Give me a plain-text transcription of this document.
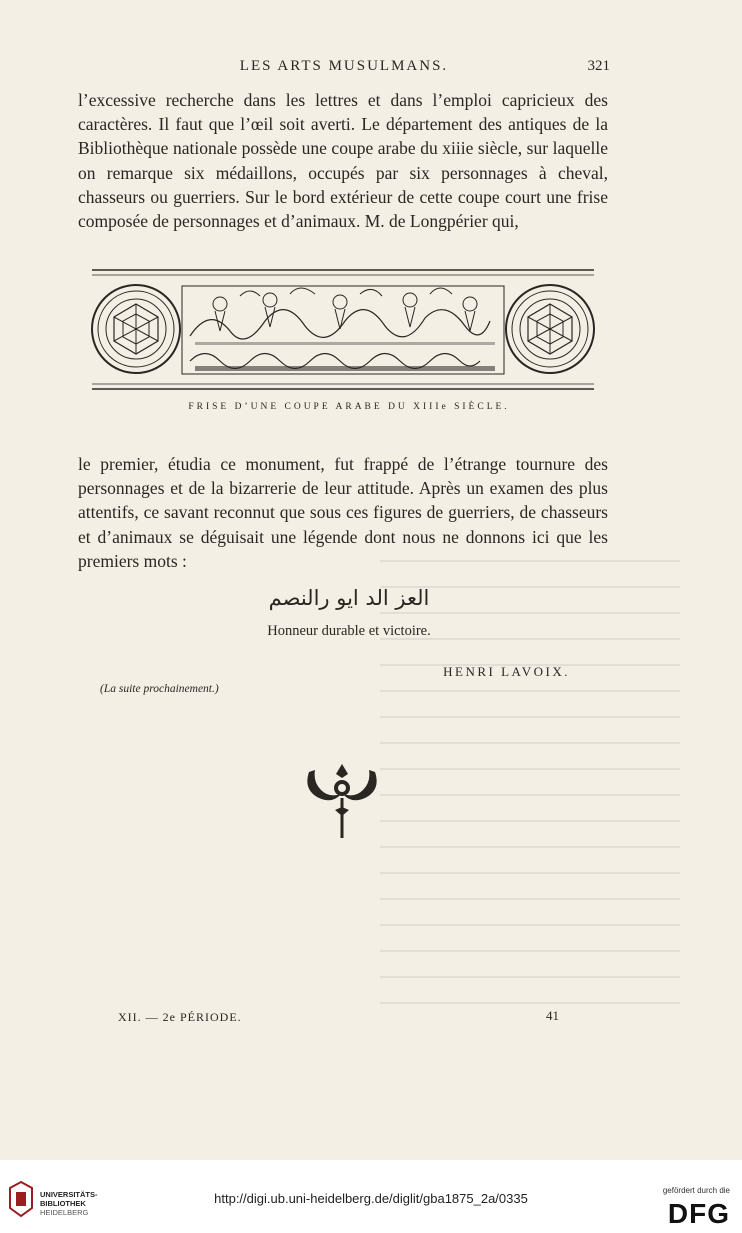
LES ARTS MUSULMANS.	321

l’excessive recherche dans les lettres et dans l’emploi capricieux des caractères. Il faut que l’œil soit averti. Le département des antiques de la Bibliothèque nationale possède une coupe arabe du xiiie siècle, sur laquelle on remarque six médaillons, occupés par six personnages à cheval, chasseurs ou guerriers. Sur le bord extérieur de cette coupe court une frise composée de personnages et d’animaux. M. de Longpérier qui,

FRISE D’UNE COUPE ARABE DU XIIIe SIÈCLE.

le premier, étudia ce monument, fut frappé de l’étrange tournure des personnages et de la bizarrerie de leur attitude. Après un examen des plus attentifs, ce savant reconnut que sous ces figures de guerriers, de chasseurs et d’animaux se déguisait une légende dont nous ne donnons ici que les premiers mots :

العز الد ايو رالنصم
Honneur durable et victoire.
HENRI LAVOIX.
(La suite prochainement.)
XII. — 2e PÉRIODE.	41
UNIVERSITÄTS-
BIBLIOTHEK
HEIDELBERG
http://digi.ub.uni-heidelberg.de/diglit/gba1875_2a/0335
gefördert durch die
DFG
